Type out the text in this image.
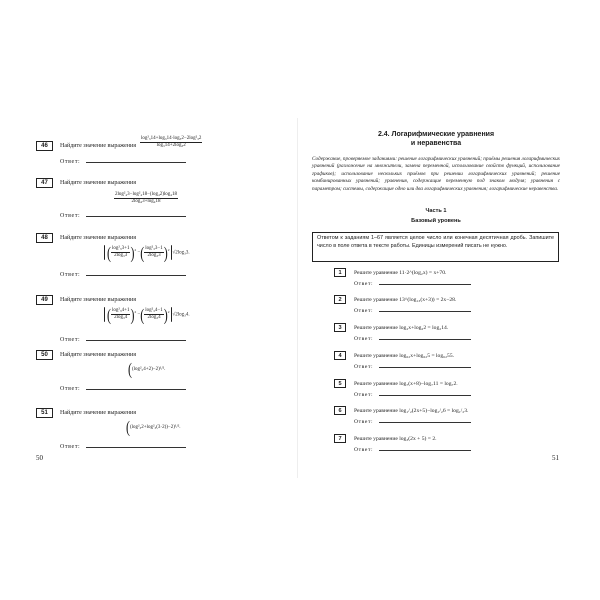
46	Найдите значение выражения $\frac{\text{log²₃14+log₃14·log₃2−2log²₃2}}{\text{log₃14+2log₃2}}$
Ответ:
47	Найдите значение выражения
$\frac{\text{2log²₄3−log²₄18−(log₄2)log₄18}}{\text{2log₄3+log₄18}}$
Ответ:
48	Найдите значение выражения
( $\frac{\text{log²₃3+1}}{\text{2log₃3}} )^2$ −( $\frac{\text{log²₃3−1}}{\text{2log₃3}} )^2√2\log_33$.
Ответ:
49	Найдите значение выражения
( $\frac{\text{log²₃4+1}}{\text{2log₃4}} )^2$ −( $\frac{\text{log²₃4−1}}{\text{2log₃4}} )^2√2\log_34$.
Ответ:
50	Найдите значение выражения
((log²₅4+2)−2)¹/².
Ответ:
51	Найдите значение выражения
((log²₃2+log²₃(3·2))−2)¹/².
Ответ:
50
2.4. Логарифмические уравнения
и неравенства
Содержание, проверяемое заданиями: решение логарифмических уравнений; приёмы решения логарифмических уравнений (разложение на множители, замена переменной, использование свойств функций, использование графиков); использование нескольких приёмов при решении логарифмических уравнений; решение комбинированных уравнений; уравнения, содержащие переменную под знаком модуля; уравнения с параметром; системы, содержащие одно или два логарифмических уравнения; логарифмические неравенства.
Часть 1
Базовый уровень
Ответом к заданиям 1–67 является целое число или конечная десятичная дробь. Запишите число в поле ответа в тексте работы. Единицы измерений писать не нужно.
1	Решите уравнение 11·2^(log₂x) = x+70.
Ответ:
2	Решите уравнение 13^(log₁₃(x+3)) = 2x−28.
Ответ:
3	Решите уравнение log₂x+log₂2 = log₂14.
Ответ:
4	Решите уравнение log₆₂x+log₆₂5 = log₆₂55.
Ответ:
5	Решите уравнение log₇(x+8)−log₇11 = log₇2.
Ответ:
6	Решите уравнение log₁/₂(2x+5)−log₁/₂6 = log₁/₂3.
Ответ:
7	Решите уравнение log₃(2x + 5) = 2.
Ответ:
51
